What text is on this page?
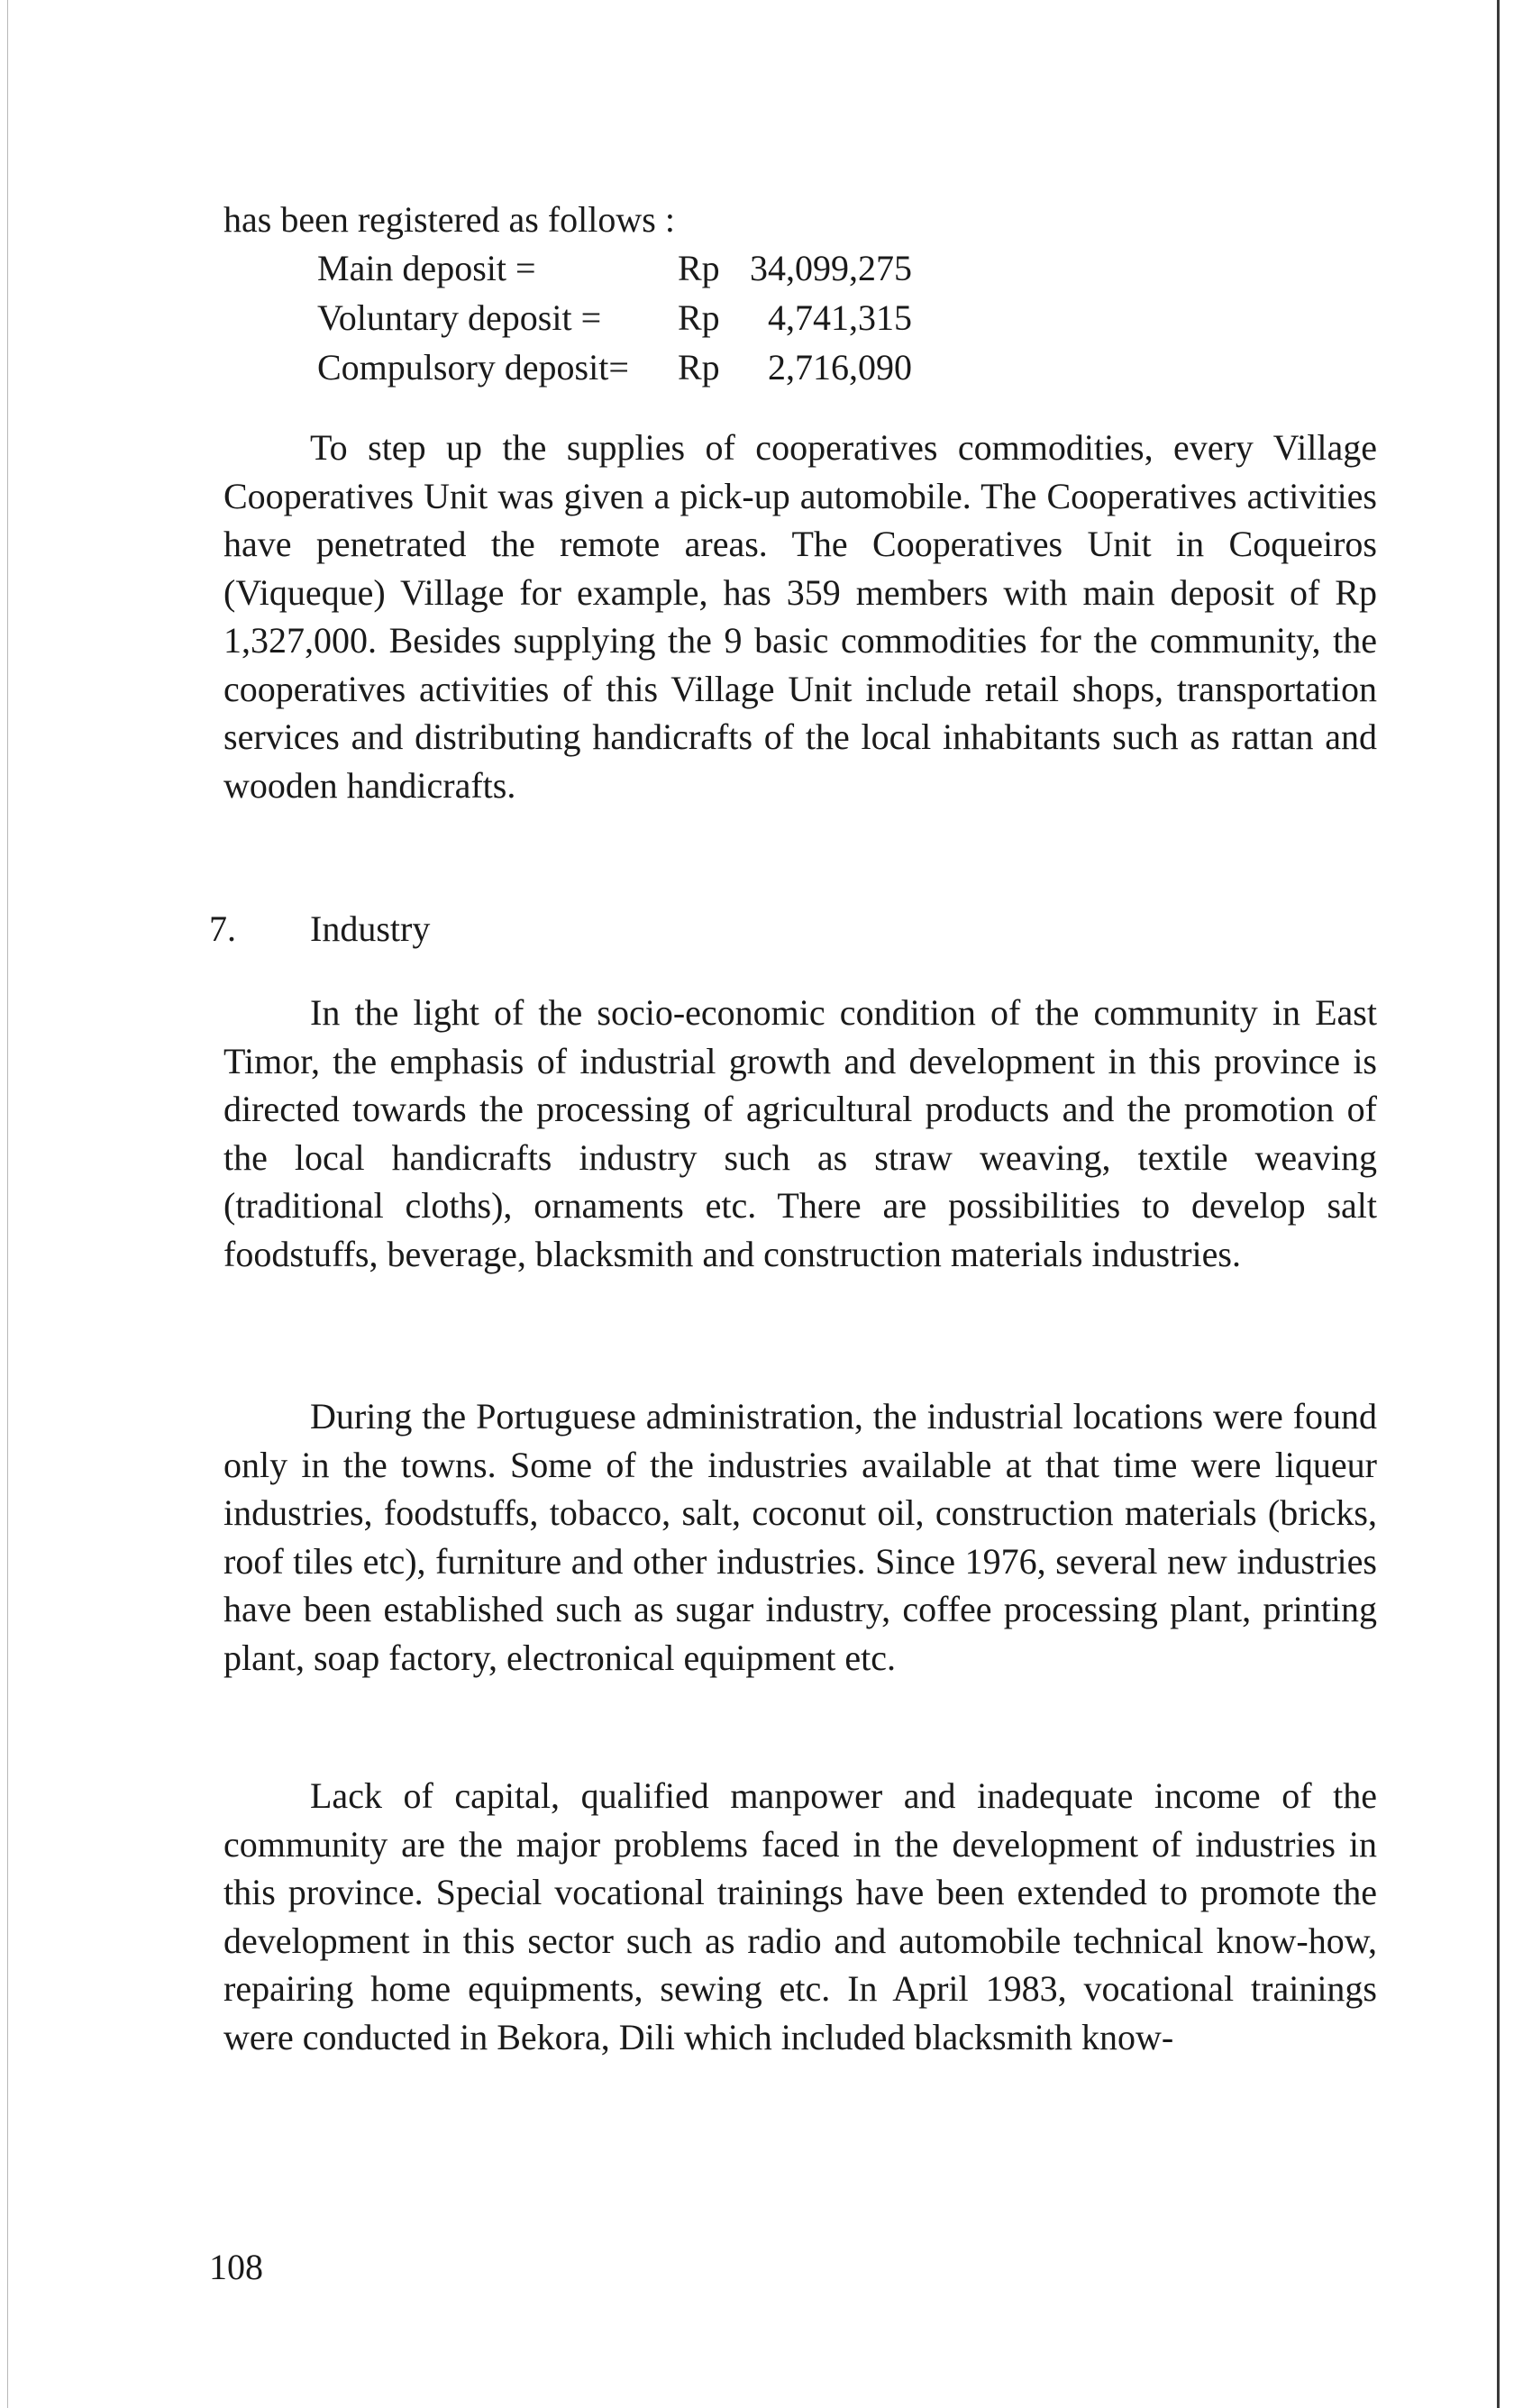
has been registered as follows :

Main deposit =	Rp 34,099,275
Voluntary deposit =	Rp	4,741,315
Compulsory deposit=	Rp	2,716,090

To step up the supplies of cooperatives commodities, every Village Cooperatives Unit was given a pick-up automobile. The Cooperatives activities have penetrated the remote areas. The Cooperatives Unit in Coqueiros (Viqueque) Village for example, has 359 members with main deposit of Rp 1,327,000. Besides supplying the 9 basic commodities for the community, the cooperatives activities of this Village Unit include retail shops, transportation services and distributing handicrafts of the local inhabitants such as rattan and wooden handicrafts.

7. Industry

In the light of the socio-economic condition of the community in East Timor, the emphasis of industrial growth and development in this province is directed towards the processing of agricultural products and the promotion of the local handicrafts industry such as straw weaving, textile weaving (traditional cloths), ornaments etc. There are possibilities to develop salt foodstuffs, beverage, blacksmith and construction materials industries.

During the Portuguese administration, the industrial locations were found only in the towns. Some of the industries available at that time were liqueur industries, foodstuffs, tobacco, salt, coconut oil, construction materials (bricks, roof tiles etc), furniture and other industries. Since 1976, several new industries have been established such as sugar industry, coffee processing plant, printing plant, soap factory, electronical equipment etc.

Lack of capital, qualified manpower and inadequate income of the community are the major problems faced in the development of industries in this province. Special vocational trainings have been extended to promote the development in this sector such as radio and automobile technical know-how, repairing home equipments, sewing etc. In April 1983, vocational trainings were conducted in Bekora, Dili which included blacksmith know-

108
